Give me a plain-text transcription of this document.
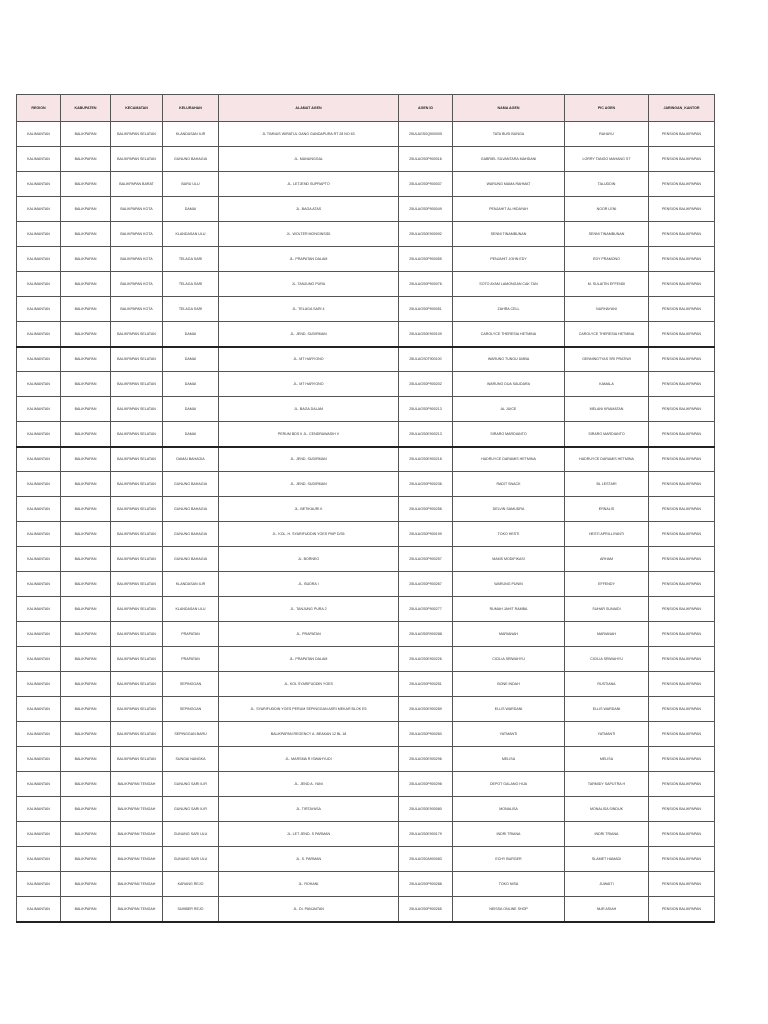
REGION	KABUPATEN	KECAMATAN	KELURAHAN	ALAMAT AGEN	AGEN ID	NAMA AGEN	PIC AGEN	JARINGAN_KANTOR
KALIMANTAN	BALIKPAPAN	BALIKPAPAN SELATAN	KLANDASAN ILIR	JL TIMNUS WIRATUL GANG GANDAPURA RT 28 NO 63	25ULAGS0Q900005	TATA BUSI BUNGA	RAHAYU	PENSION BALIKPAPAN
KALIMANTAN	BALIKPAPAN	BALIKPAPAN SELATAN	GUNUNG BAHAGIA	JL. MANUNGGAL	25ULAGS0P900016	GABRIEL SILVANTARA MAHDANI	LORRY TANGO MAHANG ST	PENSION BALIKPAPAN
KALIMANTAN	BALIKPAPAN	BALIKPAPAN BARAT	BARU ULU	JL. LETJEND SUPRAPTO	25ULAGS0P900037	WARUNG MAMA RAHMAT	TALUDDIN	PENSION BALIKPAPAN
KALIMANTAN	BALIKPAPAN	BALIKPAPAN KOTA	DAMAI	JL. BAGA ATAS	25ULAGS0P900049	PENJAHIT AL HIDAYAH	NOOR LENI	PENSION BALIKPAPAN
KALIMANTAN	BALIKPAPAN	BALIKPAPAN KOTA	KLANDASAN ULU	JL. WOLTER MONGINSIDI	25ULAGS0E900092	SENNI TINAMBUNAN	SENNI TINAMBUNAN	PENSION BALIKPAPAN
KALIMANTAN	BALIKPAPAN	BALIKPAPAN KOTA	TELAGA SARI	JL. PRAPATAN DALAM	25ULAGS0P900055	PENJAHIT JOHN EDY	EDY PRAMONO	PENSION BALIKPAPAN
KALIMANTAN	BALIKPAPAN	BALIKPAPAN KOTA	TELAGA SARI	JL. TANJUNG PURA	25ULAGS0P900076	SOTO AYAM LAMONGAN CAK TAN	M. SULAITIN EFFENDI	PENSION BALIKPAPAN
KALIMANTAN	BALIKPAPAN	BALIKPAPAN KOTA	TELAGA SARI	JL. TELAGA SARI 4	25ULAGS0P900051	ZAHRA CELL	NURHAYANI	PENSION BALIKPAPAN
KALIMANTAN	BALIKPAPAN	BALIKPAPAN SELATAN	DAMAI	JL. JEND. SUDIRMAN	25ULAGS0E900109	CAROLYCE THERESIA HETMINA	CAROLYCE THERESIA HETMINA	PENSION BALIKPAPAN
KALIMANTAN	BALIKPAPAN	BALIKPAPAN SELATAN	DAMAI	JL. MT HARYONO	25ULAGS0T900100	WARUNG TUNGU UMBA	GENNINGTYAS SRI PRATIWI	PENSION BALIKPAPAN
KALIMANTAN	BALIKPAPAN	BALIKPAPAN SELATAN	DAMAI	JL. MT HARYONO	25ULAGS0P900202	WARUNG DUA SAUDARA	KAMALA	PENSION BALIKPAPAN
KALIMANTAN	BALIKPAPAN	BALIKPAPAN SELATAN	DAMAI	JL. BAGA DALAM	25ULAGS0P900213	AL JUICE	MELANI KRAMATAN	PENSION BALIKPAPAN
KALIMANTAN	BALIKPAPAN	BALIKPAPAN SELATAN	DAMAI	PERUM BDS II JL. CENDRAWASIH V	25ULAGS0E900213	SIRARO MARDIANTO	SIRARO MARDIANTO	PENSION BALIKPAPAN
KALIMANTAN	BALIKPAPAN	BALIKPAPAN SELATAN	DAMAI BAHAGIA	JL. JEND. SUDIRMAN	25ULAGS0E900218	HADRUYCE DARAMIS HETMINA	HADRUYCE DARAMIS HETMINA	PENSION BALIKPAPAN
KALIMANTAN	BALIKPAPAN	BALIKPAPAN SELATAN	GUNUNG BAHAGIA	JL. JEND. SUDIRMAN	25ULAGS0P900236	RADIT SNACK	BL LESTARI	PENSION BALIKPAPAN
KALIMANTAN	BALIKPAPAN	BALIKPAPAN SELATAN	GUNUNG BAHAGIA	JL. BETIKAURI II	25ULAGS0P900258	DELVIN SAMUDRA	ERNALIS	PENSION BALIKPAPAN
KALIMANTAN	BALIKPAPAN	BALIKPAPAN SELATAN	GUNUNG BAHAGIA	JL. KOL. H. SYARIFUDDIN YOES PMP D/35	25ULAGS0P900199	TOKO HESTI	HESTI APRILLIYANTI	PENSION BALIKPAPAN
KALIMANTAN	BALIKPAPAN	BALIKPAPAN SELATAN	GUNUNG BAHAGIA	JL. BORNEO	25ULAGS0P900257	MAMS MODIFIKASI	ARHAM	PENSION BALIKPAPAN
KALIMANTAN	BALIKPAPAN	BALIKPAPAN SELATAN	KLANDASAN ILIR	JL. BUDRA I	25ULAGS0P900267	WARUNG PUNIN	EFFENDY	PENSION BALIKPAPAN
KALIMANTAN	BALIKPAPAN	BALIKPAPAN SELATAN	KLANDASAN ULU	JL. TANJUNG PURA 2	25ULAGS0P900277	RUMAH JAHIT RAMBA	SUHAR SUNAIDI	PENSION BALIKPAPAN
KALIMANTAN	BALIKPAPAN	BALIKPAPAN SELATAN	PRAPATAN	JL. PRAPATAN	25ULAGS0R900288	MARIANAH	MARIANAH	PENSION BALIKPAPAN
KALIMANTAN	BALIKPAPAN	BALIKPAPAN SELATAN	PRAPATAN	JL. PRAPATAN DALAM	25ULAGS0E900226	CICILIA SRIWAHYU	CICILIA SRIWAHYU	PENSION BALIKPAPAN
KALIMANTAN	BALIKPAPAN	BALIKPAPAN SELATAN	SEPINGGAN	JL. KOL SYARIFUDDIN YOES	25ULAGS0P900251	BONE INDAH	RUSTIANA	PENSION BALIKPAPAN
KALIMANTAN	BALIKPAPAN	BALIKPAPAN SELATAN	SEPINGGAN	JL. SYARIFUDDIN YOES PERUM SEPINGGAN ASRI MEKAR BLOK E5	25ULAGS0E900289	ELLIS WARDANI	ELLIS WARDANI	PENSION BALIKPAPAN
KALIMANTAN	BALIKPAPAN	BALIKPAPAN SELATAN	SEPINGGAN BARU	BALIKPAPAN REGENCY A. BEAKAN 12 BL 18	25ULAGS0P900260	YATMANTI	YATMANTI	PENSION BALIKPAPAN
KALIMANTAN	BALIKPAPAN	BALIKPAPAN SELATAN	SUNGAI NANGKA	JL. MARSMA R ISWAHYUDI	25ULAGS0E900296	MELISA	MELISA	PENSION BALIKPAPAN
KALIMANTAN	BALIKPAPAN	BALIKPAPAN TENGAH	GUNUNG SARI ILIR	JL. JEND A. YANI	25ULAGS0P900298	DEPOT GALANG HIJA	TARMIDY SAPUTRA H	PENSION BALIKPAPAN
KALIMANTAN	BALIKPAPAN	BALIKPAPAN TENGAH	GUNUNG SARI ILIR	JL. TIRTAYASA	25ULAGS0E900080	MONALISA	MONALISA SINDUK	PENSION BALIKPAPAN
KALIMANTAN	BALIKPAPAN	BALIKPAPAN TENGAH	GUNUNG SARI ULU	JL. LET JEND. S PARMAN	25ULAGS0E900179	INDRI TRIANA	INDRI TRIANA	PENSION BALIKPAPAN
KALIMANTAN	BALIKPAPAN	BALIKPAPAN TENGAH	GUNUNG SARI ULU	JL. S. PARMAN	25ULAGS0A900083	ECHY BURGER	SLAMET HAMADI	PENSION BALIKPAPAN
KALIMANTAN	BALIKPAPAN	BALIKPAPAN TENGAH	KARANG REJO	JL. ROHANI	25ULAGS0P900288	TOKO NISA	JUWAITI	PENSION BALIKPAPAN
KALIMANTAN	BALIKPAPAN	BALIKPAPAN TENGAH	SUMBER REJO	JL. DI. PANJAITAN	25ULAGS0P900265	NEISSA ONLINE SHOP	NUR ASIAH	PENSION BALIKPAPAN
